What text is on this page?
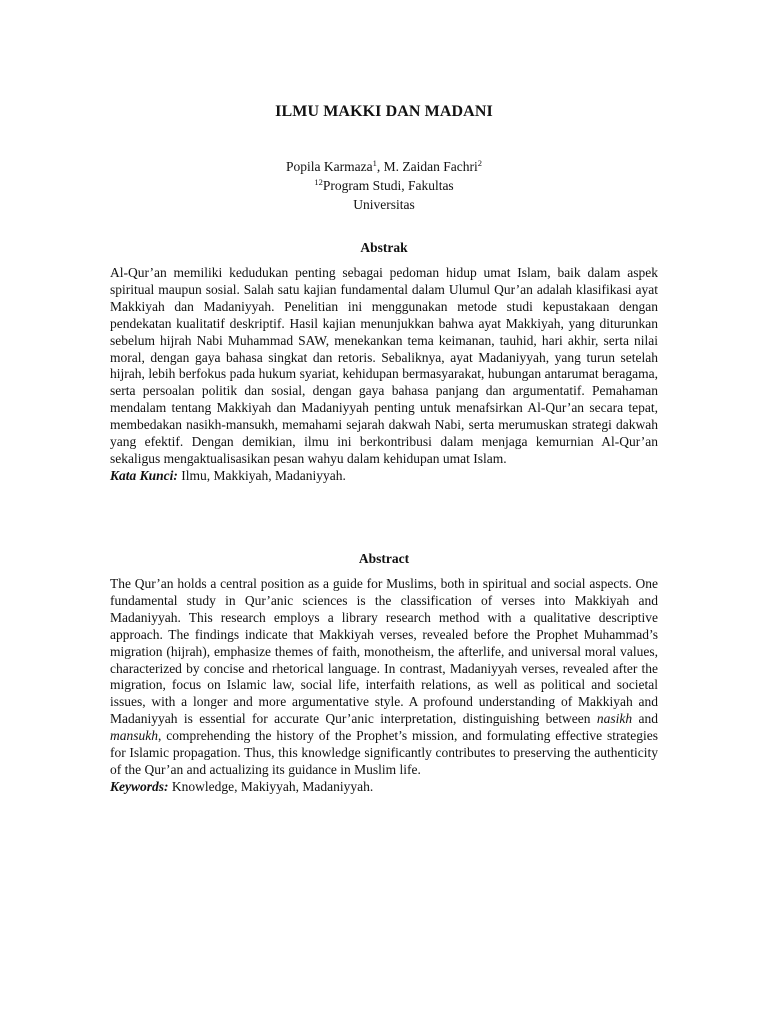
ILMU MAKKI DAN MADANI
Popila Karmaza$^1$, M. Zaidan Fachri$^2$
$^{12}$Program Studi, Fakultas
Universitas
Abstrak

Al-Qur’an memiliki kedudukan penting sebagai pedoman hidup umat Islam, baik dalam aspek spiritual maupun sosial. Salah satu kajian fundamental dalam Ulumul Qur’an adalah klasifikasi ayat Makkiyah dan Madaniyyah. Penelitian ini menggunakan metode studi kepustakaan dengan pendekatan kualitatif deskriptif. Hasil kajian menunjukkan bahwa ayat Makkiyah, yang diturunkan sebelum hijrah Nabi Muhammad SAW, menekankan tema keimanan, tauhid, hari akhir, serta nilai moral, dengan gaya bahasa singkat dan retoris. Sebaliknya, ayat Madaniyyah, yang turun setelah hijrah, lebih berfokus pada hukum syariat, kehidupan bermasyarakat, hubungan antarumat beragama, serta persoalan politik dan sosial, dengan gaya bahasa panjang dan argumentatif. Pemahaman mendalam tentang Makkiyah dan Madaniyyah penting untuk menafsirkan Al-Qur’an secara tepat, membedakan nasikh-mansukh, memahami sejarah dakwah Nabi, serta merumuskan strategi dakwah yang efektif. Dengan demikian, ilmu ini berkontribusi dalam menjaga kemurnian Al-Qur’an sekaligus mengaktualisasikan pesan wahyu dalam kehidupan umat Islam.

Kata Kunci: Ilmu, Makkiyah, Madaniyyah.

Abstract

The Qur’an holds a central position as a guide for Muslims, both in spiritual and social aspects. One fundamental study in Qur’anic sciences is the classification of verses into Makkiyah and Madaniyyah. This research employs a library research method with a qualitative descriptive approach. The findings indicate that Makkiyah verses, revealed before the Prophet Muhammad’s migration (hijrah), emphasize themes of faith, monotheism, the afterlife, and universal moral values, characterized by concise and rhetorical language. In contrast, Madaniyyah verses, revealed after the migration, focus on Islamic law, social life, interfaith relations, as well as political and societal issues, with a longer and more argumentative style. A profound understanding of Makkiyah and Madaniyyah is essential for accurate Qur’anic interpretation, distinguishing between nasikh and mansukh, comprehending the history of the Prophet’s mission, and formulating effective strategies for Islamic propagation. Thus, this knowledge significantly contributes to preserving the authenticity of the Qur’an and actualizing its guidance in Muslim life.

Keywords: Knowledge, Makiyyah, Madaniyyah.
